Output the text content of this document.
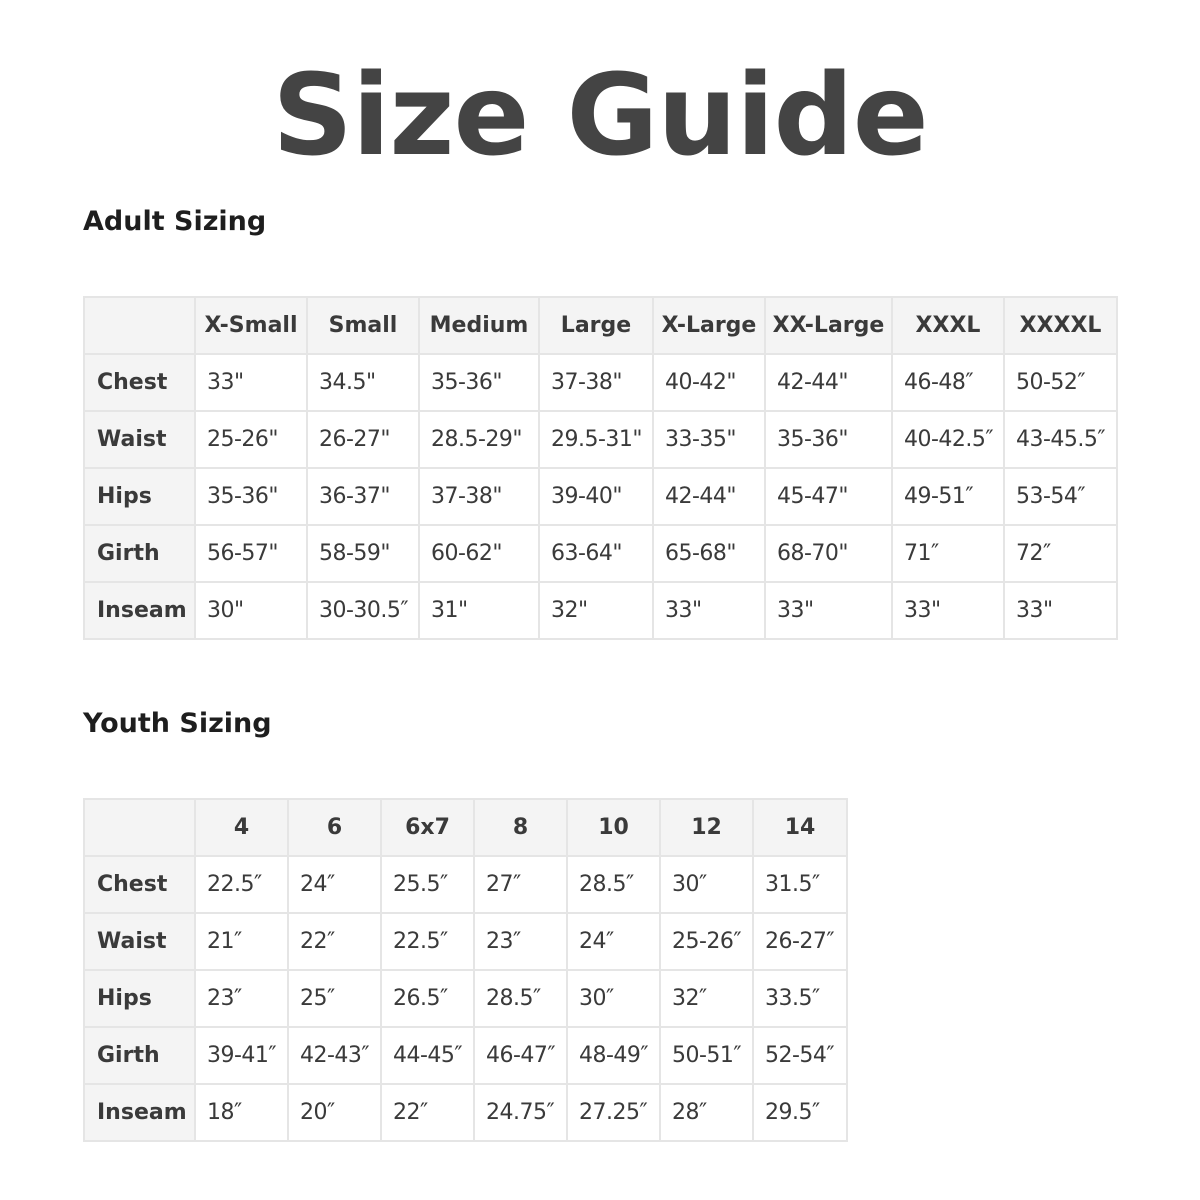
Size Guide
Adult Sizing
	X-Small	Small	Medium	Large	X-Large	XX-Large	XXXL	XXXXL
Chest	33"	34.5"	35-36"	37-38"	40-42"	42-44"	46-48″	50-52″
Waist	25-26"	26-27"	28.5-29"	29.5-31"	33-35"	35-36"	40-42.5″	43-45.5″
Hips	35-36"	36-37"	37-38"	39-40"	42-44"	45-47"	49-51″	53-54″
Girth	56-57"	58-59"	60-62"	63-64"	65-68"	68-70"	71″	72″
Inseam	30"	30-30.5″	31"	32"	33"	33"	33"	33"
Youth Sizing
	4	6	6x7	8	10	12	14
Chest	22.5″	24″	25.5″	27″	28.5″	30″	31.5″
Waist	21″	22″	22.5″	23″	24″	25-26″	26-27″
Hips	23″	25″	26.5″	28.5″	30″	32″	33.5″
Girth	39-41″	42-43″	44-45″	46-47″	48-49″	50-51″	52-54″
Inseam	18″	20″	22″	24.75″	27.25″	28″	29.5″
